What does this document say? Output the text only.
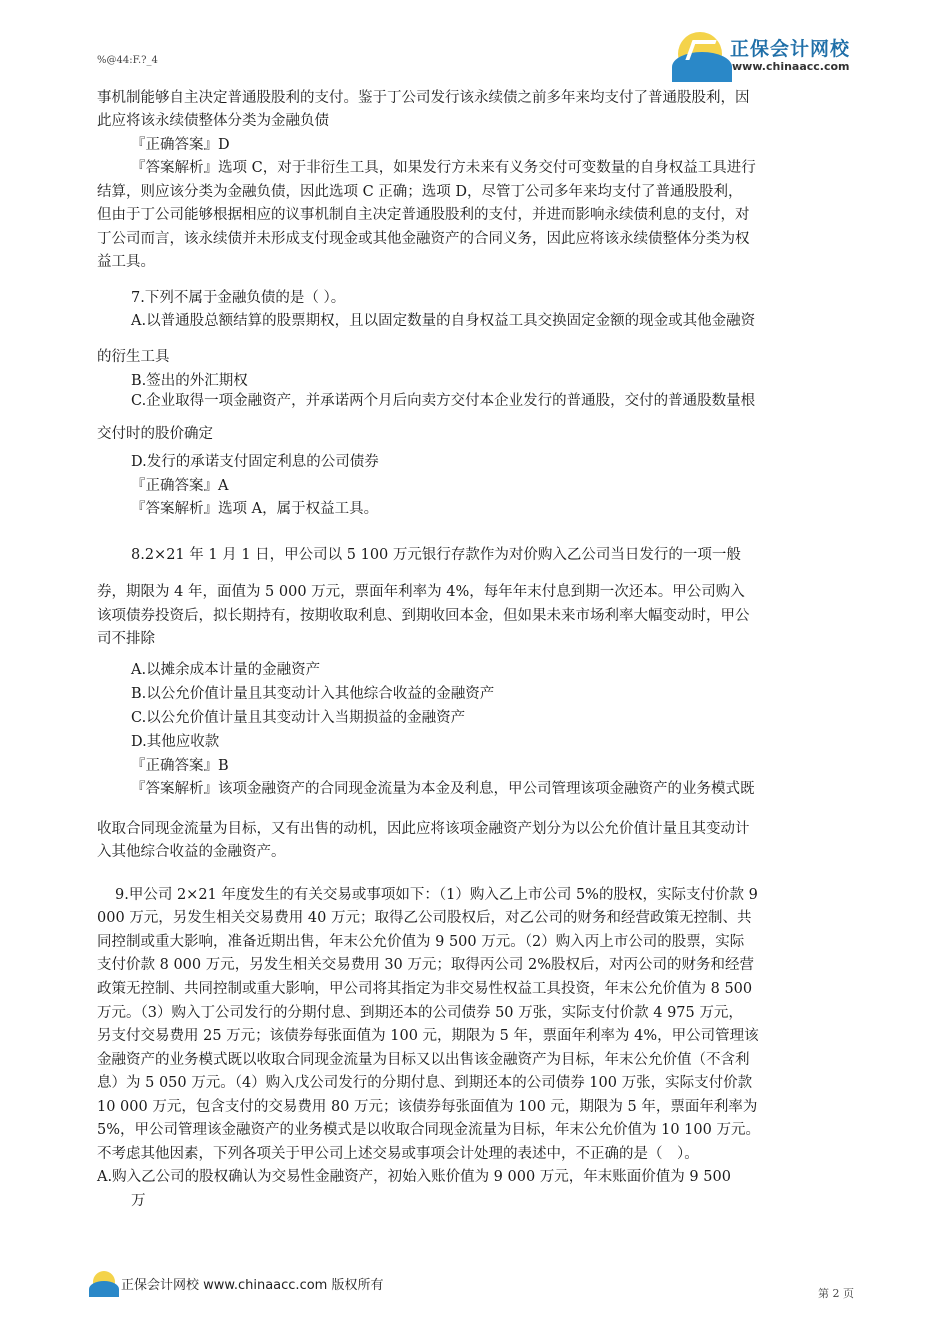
正保会计网校
www.chinaacc.com
%@44:F.?_4
事机制能够自主决定普通股股利的支付。鉴于丁公司发行该永续债之前多年来均支付了普通股股利，因
此应将该永续债整体分类为金融负债
『正确答案』D
『答案解析』选项 C，对于非衍生工具，如果发行方未来有义务交付可变数量的自身权益工具进行
结算，则应该分类为金融负债，因此选项 C 正确；选项 D，尽管丁公司多年来均支付了普通股股利，
但由于丁公司能够根据相应的议事机制自主决定普通股股利的支付，并进而影响永续债利息的支付，对
丁公司而言，该永续债并未形成支付现金或其他金融资产的合同义务，因此应将该永续债整体分类为权
益工具。
7.下列不属于金融负债的是（ ）。
A.以普通股总额结算的股票期权，且以固定数量的自身权益工具交换固定金额的现金或其他金融资
的衍生工具
B.签出的外汇期权
C.企业取得一项金融资产，并承诺两个月后向卖方交付本企业发行的普通股，交付的普通股数量根
交付时的股价确定
D.发行的承诺支付固定利息的公司债券
『正确答案』A
『答案解析』选项 A，属于权益工具。
8.2×21 年 1 月 1 日，甲公司以 5 100 万元银行存款作为对价购入乙公司当日发行的一项一般
券，期限为 4 年，面值为 5 000 万元，票面年利率为 4%，每年年末付息到期一次还本。甲公司购入
该项债券投资后，拟长期持有，按期收取利息、到期收回本金，但如果未来市场利率大幅变动时，甲公
司不排除
A.以摊余成本计量的金融资产
B.以公允价值计量且其变动计入其他综合收益的金融资产
C.以公允价值计量且其变动计入当期损益的金融资产
D.其他应收款
『正确答案』B
『答案解析』该项金融资产的合同现金流量为本金及利息，甲公司管理该项金融资产的业务模式既
收取合同现金流量为目标，又有出售的动机，因此应将该项金融资产划分为以公允价值计量且其变动计
入其他综合收益的金融资产。
9.甲公司 2×21 年度发生的有关交易或事项如下：（1）购入乙上市公司 5%的股权，实际支付价款 9
000 万元，另发生相关交易费用 40 万元；取得乙公司股权后，对乙公司的财务和经营政策无控制、共
同控制或重大影响，准备近期出售，年末公允价值为 9 500 万元。（2）购入丙上市公司的股票，实际
支付价款 8 000 万元，另发生相关交易费用 30 万元；取得丙公司 2%股权后，对丙公司的财务和经营
政策无控制、共同控制或重大影响，甲公司将其指定为非交易性权益工具投资，年末公允价值为 8 500
万元。（3）购入丁公司发行的分期付息、到期还本的公司债券 50 万张，实际支付价款 4 975 万元，
另支付交易费用 25 万元；该债券每张面值为 100 元，期限为 5 年，票面年利率为 4%，甲公司管理该
金融资产的业务模式既以收取合同现金流量为目标又以出售该金融资产为目标，年末公允价值（不含利
息）为 5 050 万元。（4）购入戊公司发行的分期付息、到期还本的公司债券 100 万张，实际支付价款
10 000 万元，包含支付的交易费用 80 万元；该债券每张面值为 100 元，期限为 5 年，票面年利率为
5%，甲公司管理该金融资产的业务模式是以收取合同现金流量为目标，年末公允价值为 10 100 万元。
不考虑其他因素，下列各项关于甲公司上述交易或事项会计处理的表述中，不正确的是（　）。
A.购入乙公司的股权确认为交易性金融资产，初始入账价值为 9 000 万元，年末账面价值为 9 500
万
正保会计网校 www.chinaacc.com 版权所有
第 2 页
